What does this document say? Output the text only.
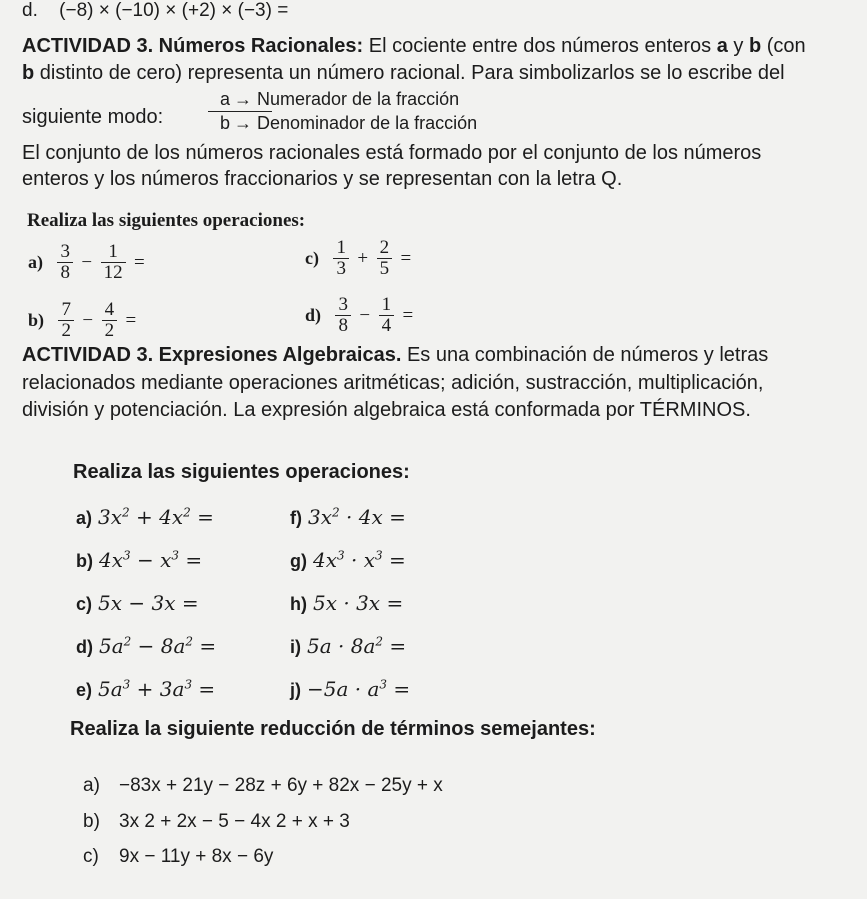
d. (−8) × (−10) × (+2) × (−3) =
ACTIVIDAD 3. Números Racionales: El cociente entre dos números enteros a y b (con
b distinto de cero) representa un número racional. Para simbolizarlos se lo escribe del
siguiente modo:
a → Numerador de la fracción
b → Denominador de la fracción
El conjunto de los números racionales está formado por el conjunto de los números
enteros y los números fraccionarios y se representan con la letra Q.
Realiza las siguientes operaciones:
$a) \frac{3}{8} - \frac{1}{12}$ =
$b) \frac{7}{2} - \frac{4}{2}$ =
$c) \frac{1}{3} + \frac{2}{5}$ =
$d) \frac{3}{8} - \frac{1}{4}$ =
ACTIVIDAD 3. Expresiones Algebraicas. Es una combinación de números y letras
relacionados mediante operaciones aritméticas; adición, sustracción, multiplicación,
división y potenciación. La expresión algebraica está conformada por TÉRMINOS.
Realiza las siguientes operaciones:
a) $3x^2 + 4x^2$ =
b) $4x^3 - x^3$ =
c) 5x − 3x =
d) $5a^2 - 8a^2$ =
e) $5a^3 + 3a^3$ =
f) $3x^2 \cdot 4x$ =
g) $4x^3 \cdot x^3$ =
h) 5x · 3x =
i) $5a \cdot 8a^2$ =
$j) -5a \cdot a^3$ =
Realiza la siguiente reducción de términos semejantes:
a) −83x + 21y − 28z + 6y + 82x − 25y + x
b) 3x 2 + 2x − 5 − 4x 2 + x + 3
c) 9x − 11y + 8x − 6y
